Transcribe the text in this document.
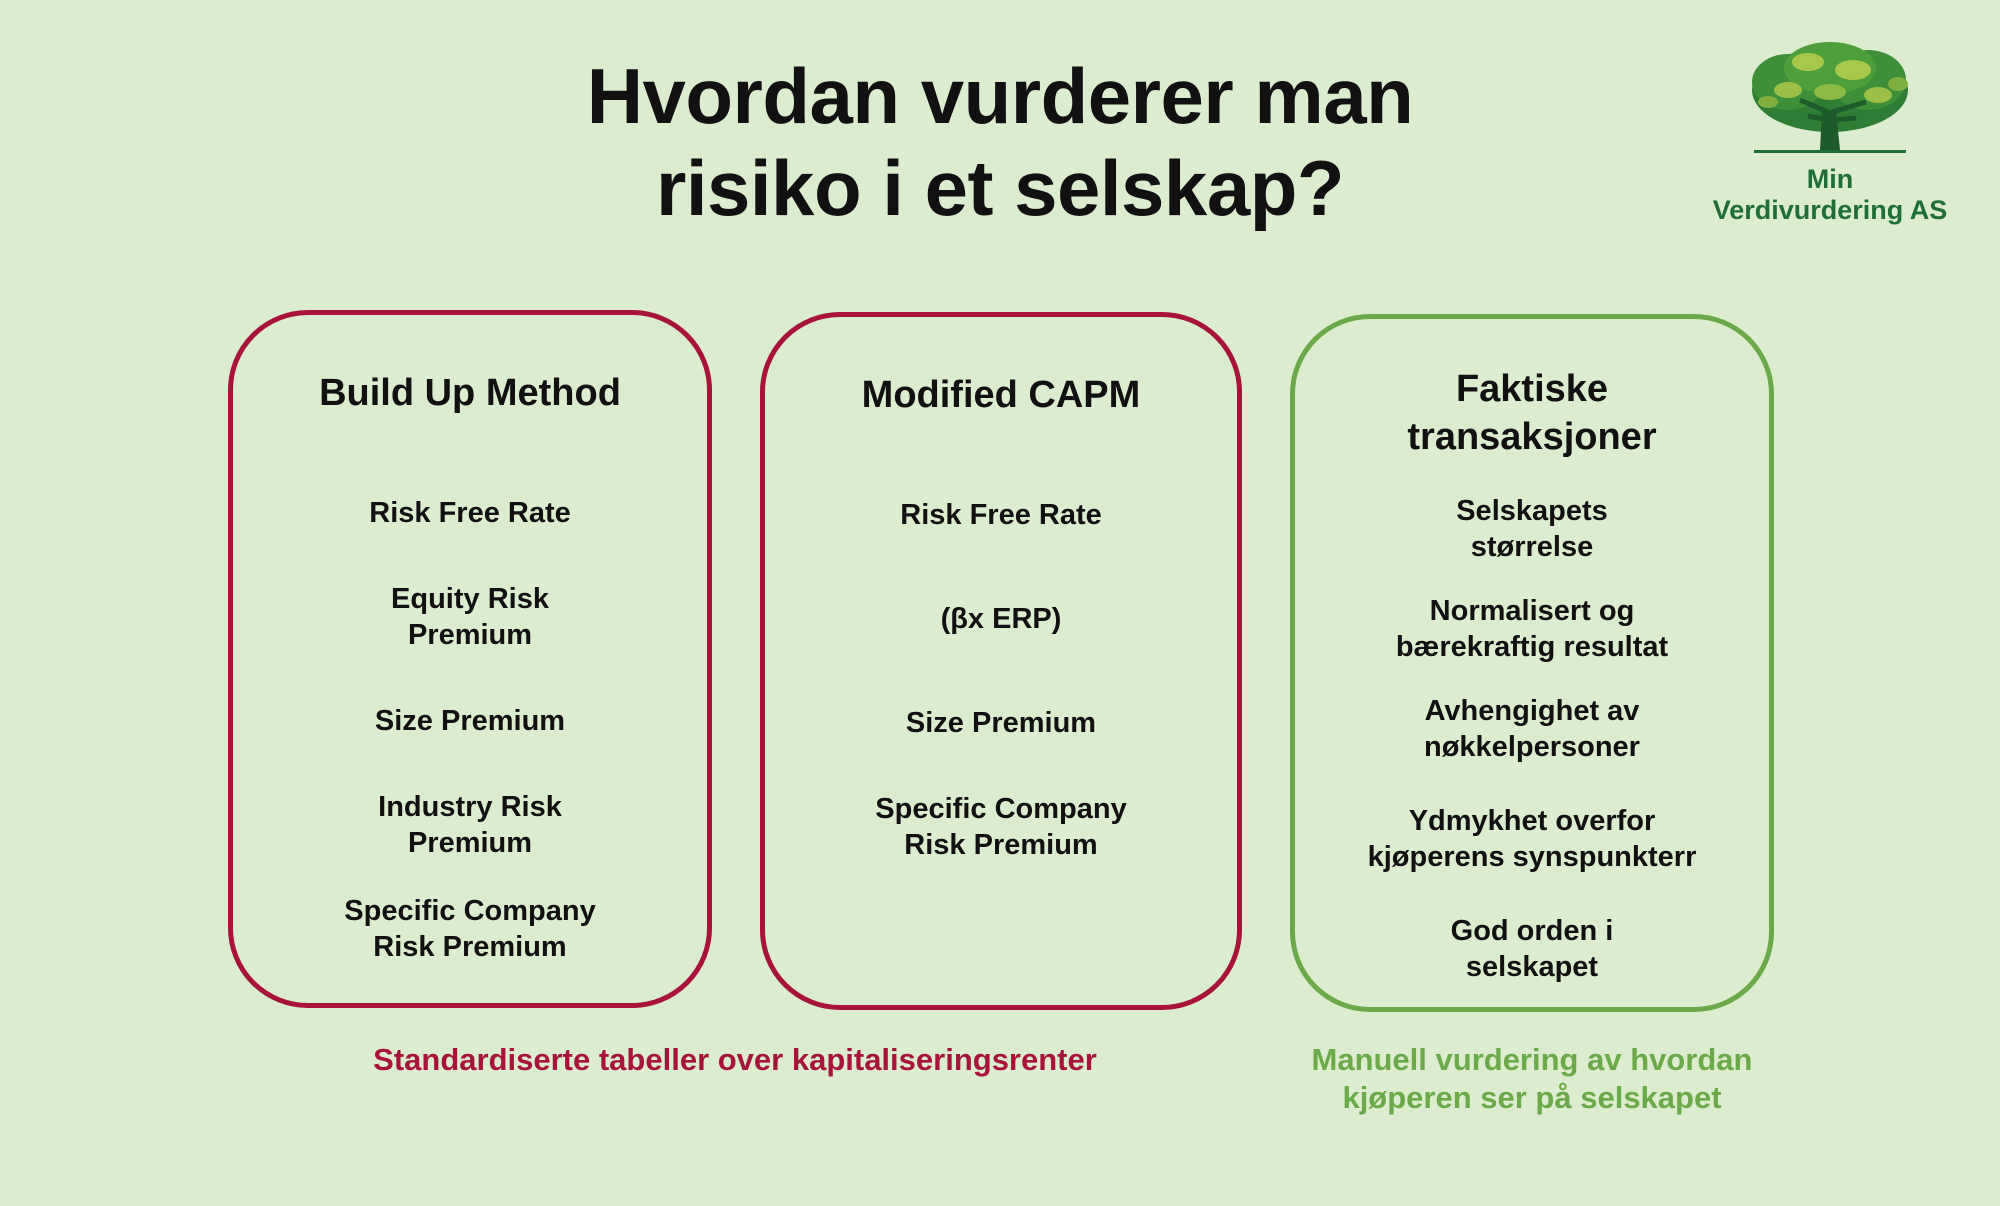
Hvordan vurderer man
risiko i et selskap?	Min
Verdivurdering AS
Build Up Method
Risk Free Rate
Equity Risk
Premium
Size Premium
Industry Risk
Premium
Specific Company
Risk Premium
Modified CAPM
Risk Free Rate
(βx ERP)
Size Premium
Specific Company
Risk Premium
Faktiske
transaksjoner
Selskapets
størrelse
Normalisert og
bærekraftig resultat
Avhengighet av
nøkkelpersoner
Ydmykhet overfor
kjøperens synspunkterr
God orden i
selskapet
Standardiserte tabeller over kapitaliseringsrenter	Manuell vurdering av hvordan
kjøperen ser på selskapet
